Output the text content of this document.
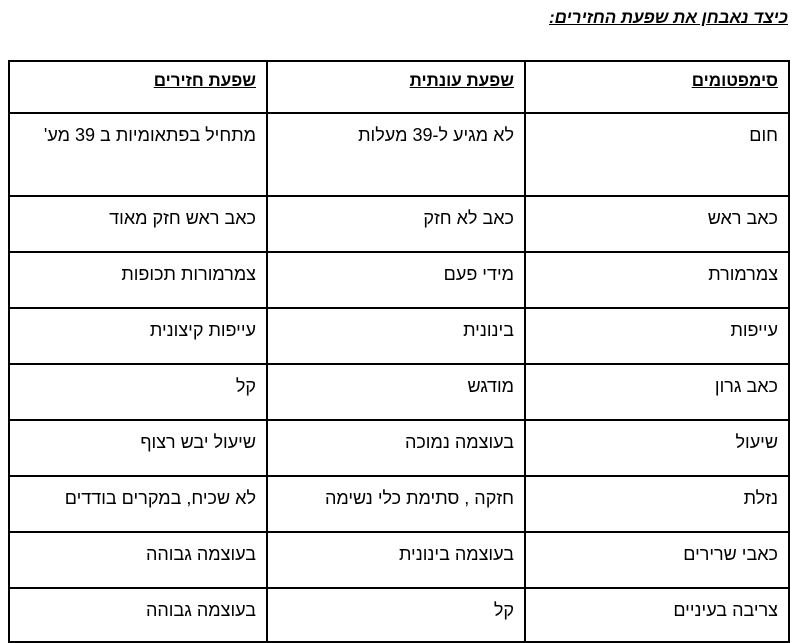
כיצד נאבחן את שפעת החזירים:
סימפטומים	שפעת עונתית	שפעת חזירים
חום	לא מגיע ל-39 מעלות	מתחיל בפתאומיות ב 39 מע'
כאב ראש	כאב לא חזק	כאב ראש חזק מאוד
צמרמורת	מידי פעם	צמרמורות תכופות
עייפות	בינונית	עייפות קיצונית
כאב גרון	מודגש	קל
שיעול	בעוצמה נמוכה	שיעול יבש רצוף
נזלת	חזקה , סתימת כלי נשימה	לא שכיח, במקרים בודדים
כאבי שרירים	בעוצמה בינונית	בעוצמה גבוהה
צריבה בעיניים	קל	בעוצמה גבוהה
